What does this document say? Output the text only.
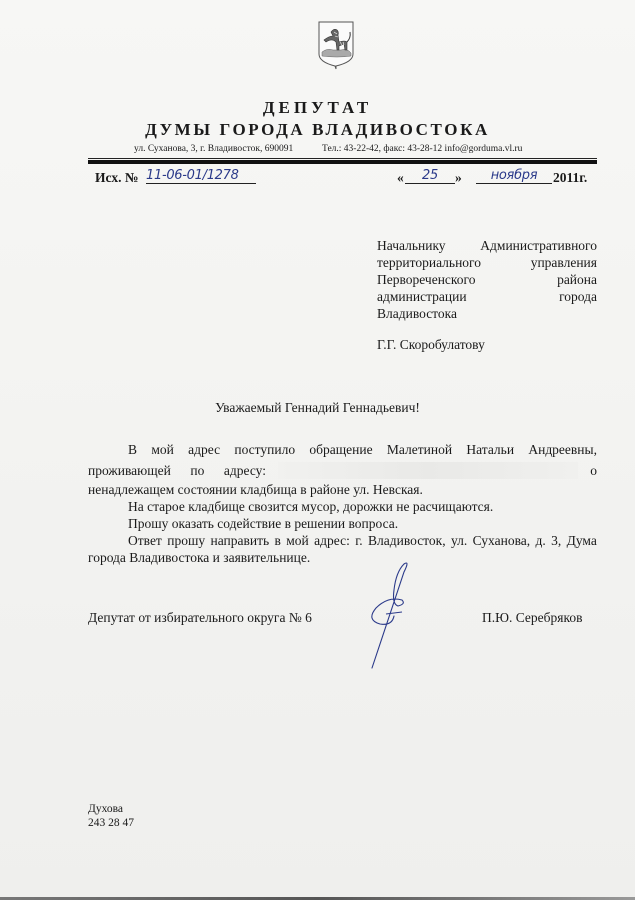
ДЕПУТАТ
ДУМЫ ГОРОДА ВЛАДИВОСТОКА
ул. Суханова, 3, г. Владивосток, 690091	Тел.: 43-22-42, факс: 43-28-12 info@gorduma.vl.ru
Исх. № 11-06-01/1278	«	25	»	ноября	2011г.
Начальнику	Административного
территориального	управления
Первореченского	района
администрации	города
Владивостока
Г.Г. Скоробулатову
Уважаемый Геннадий Геннадьевич!
В мой адрес поступило обращение Малетиной Натальи Андреевны,
проживающей по адресу:
	о
ненадлежащем состоянии кладбища в районе ул. Невская.
На старое кладбище свозится мусор, дорожки не расчищаются.
Прошу оказать содействие в решении вопроса.
Ответ прошу направить в мой адрес: г. Владивосток, ул. Суханова, д. 3, Дума
города Владивостока и заявительнице.
Депутат от избирательного округа № 6	П.Ю. Серебряков
Духова
243 28 47
